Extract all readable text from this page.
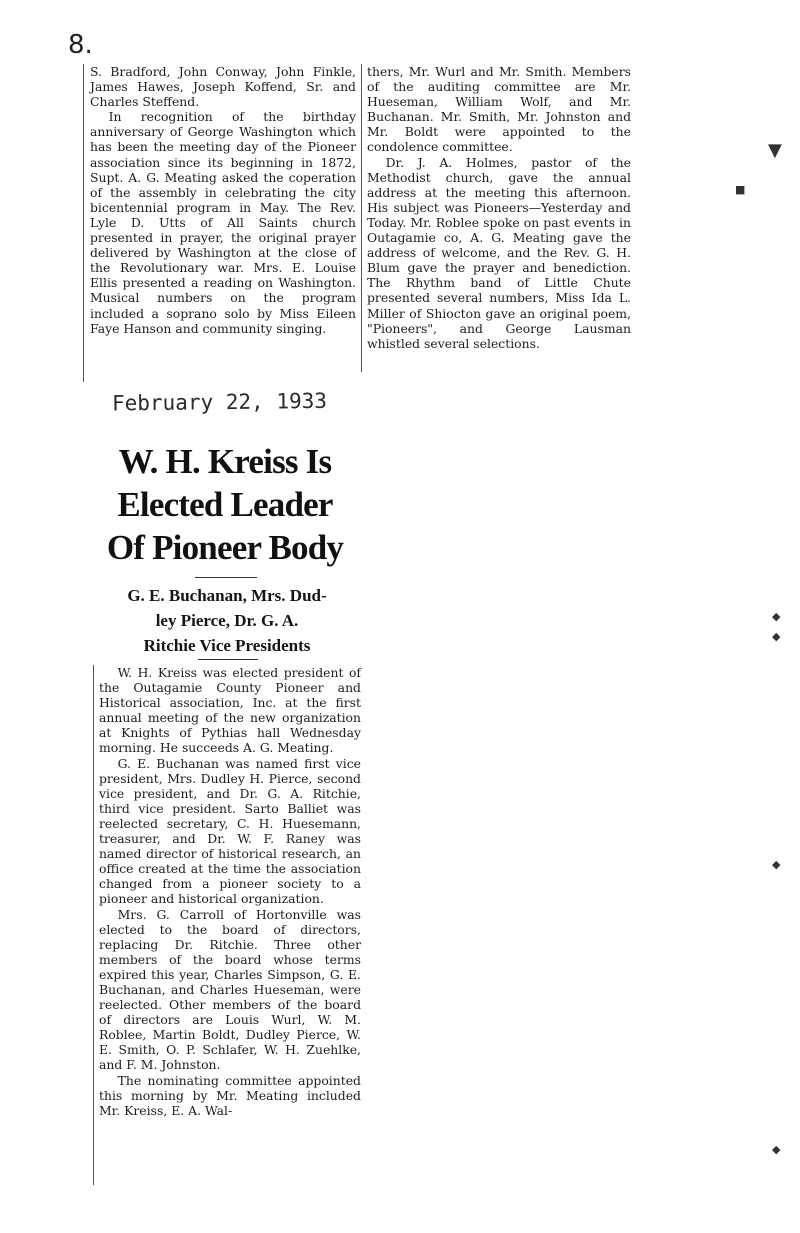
8.

S. Bradford, John Conway, John Finkle, James Hawes, Joseph Koffend, Sr. and Charles Steffend.

In recognition of the birthday anniversary of George Washington which has been the meeting day of the Pioneer association since its beginning in 1872, Supt. A. G. Meating asked the coperation of the assembly in celebrating the city bicentennial program in May. The Rev. Lyle D. Utts of All Saints church presented in prayer, the original prayer delivered by Washington at the close of the Revolutionary war. Mrs. E. Louise Ellis presented a reading on Washington. Musical numbers on the program included a soprano solo by Miss Eileen Faye Hanson and community singing.

thers, Mr. Wurl and Mr. Smith. Members of the auditing committee are Mr. Hueseman, William Wolf, and Mr. Buchanan. Mr. Smith, Mr. Johnston and Mr. Boldt were appointed to the condolence committee.

Dr. J. A. Holmes, pastor of the Methodist church, gave the annual address at the meeting this afternoon. His subject was Pioneers—Yesterday and Today. Mr. Roblee spoke on past events in Outagamie co, A. G. Meating gave the address of welcome, and the Rev. G. H. Blum gave the prayer and benediction. The Rhythm band of Little Chute presented several numbers, Miss Ida L. Miller of Shiocton gave an original poem, "Pioneers", and George Lausman whistled several selections.

February 22, 1933
W. H. Kreiss Is
Elected Leader
Of Pioneer Body
G. E. Buchanan, Mrs. Dud-
ley Pierce, Dr. G. A.
Ritchie Vice Presidents

W. H. Kreiss was elected president of the Outagamie County Pioneer and Historical association, Inc. at the first annual meeting of the new organization at Knights of Pythias hall Wednesday morning. He succeeds A. G. Meating.

G. E. Buchanan was named first vice president, Mrs. Dudley H. Pierce, second vice president, and Dr. G. A. Ritchie, third vice president. Sarto Balliet was reelected secretary, C. H. Huesemann, treasurer, and Dr. W. F. Raney was named director of historical research, an office created at the time the association changed from a pioneer society to a pioneer and historical organization.

Mrs. G. Carroll of Hortonville was elected to the board of directors, replacing Dr. Ritchie. Three other members of the board whose terms expired this year, Charles Simpson, G. E. Buchanan, and Charles Hueseman, were reelected. Other members of the board of directors are Louis Wurl, W. M. Roblee, Martin Boldt, Dudley Pierce, W. E. Smith, O. P. Schlafer, W. H. Zuehlke, and F. M. Johnston.

The nominating committee appointed this morning by Mr. Meating included Mr. Kreiss, E. A. Wal-

▼
■
◆
◆
◆
◆
